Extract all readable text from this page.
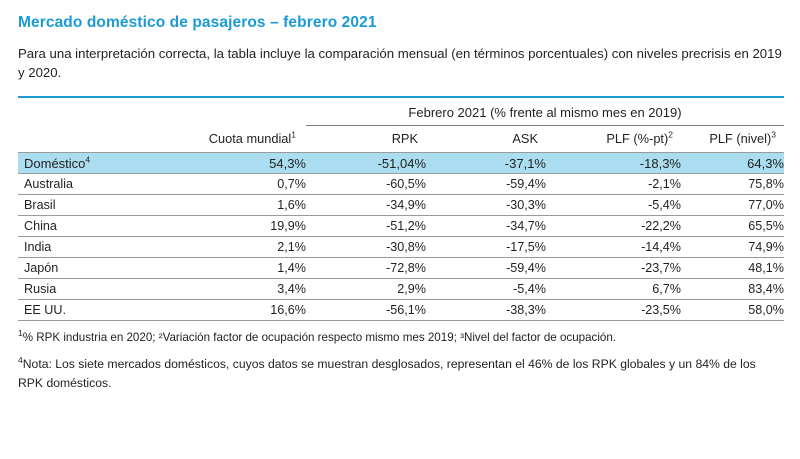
Mercado doméstico de pasajeros – febrero 2021

Para una interpretación correcta, la tabla incluye la comparación mensual (en términos porcentuales) con niveles precrisis en 2019 y 2020.

		Febrero 2021 (% frente al mismo mes en 2019)			
	Cuota mundial$^1$	RPK	ASK	PLF $(\%-pt)^2$	PLF (nivel)$^3$
Doméstico$^4$	54,3%	-51,04%	-37,1%	-18,3%	64,3%
Australia	0,7%	-60,5%	-59,4%	-2,1%	75,8%
Brasil	1,6%	-34,9%	-30,3%	-5,4%	77,0%
China	19,9%	-51,2%	-34,7%	-22,2%	65,5%
India	2,1%	-30,8%	-17,5%	-14,4%	74,9%
Japón	1,4%	-72,8%	-59,4%	-23,7%	48,1%
Rusia	3,4%	2,9%	-5,4%	6,7%	83,4%
EE UU.	16,6%	-56,1%	-38,3%	-23,5%	58,0%

$^1$% RPK industria en 2020; ²Variación factor de ocupación respecto mismo mes 2019; ³Nivel del factor de ocupación.

$^4$Nota: Los siete mercados domésticos, cuyos datos se muestran desglosados, representan el 46% de los RPK globales y un 84% de los RPK domésticos.
